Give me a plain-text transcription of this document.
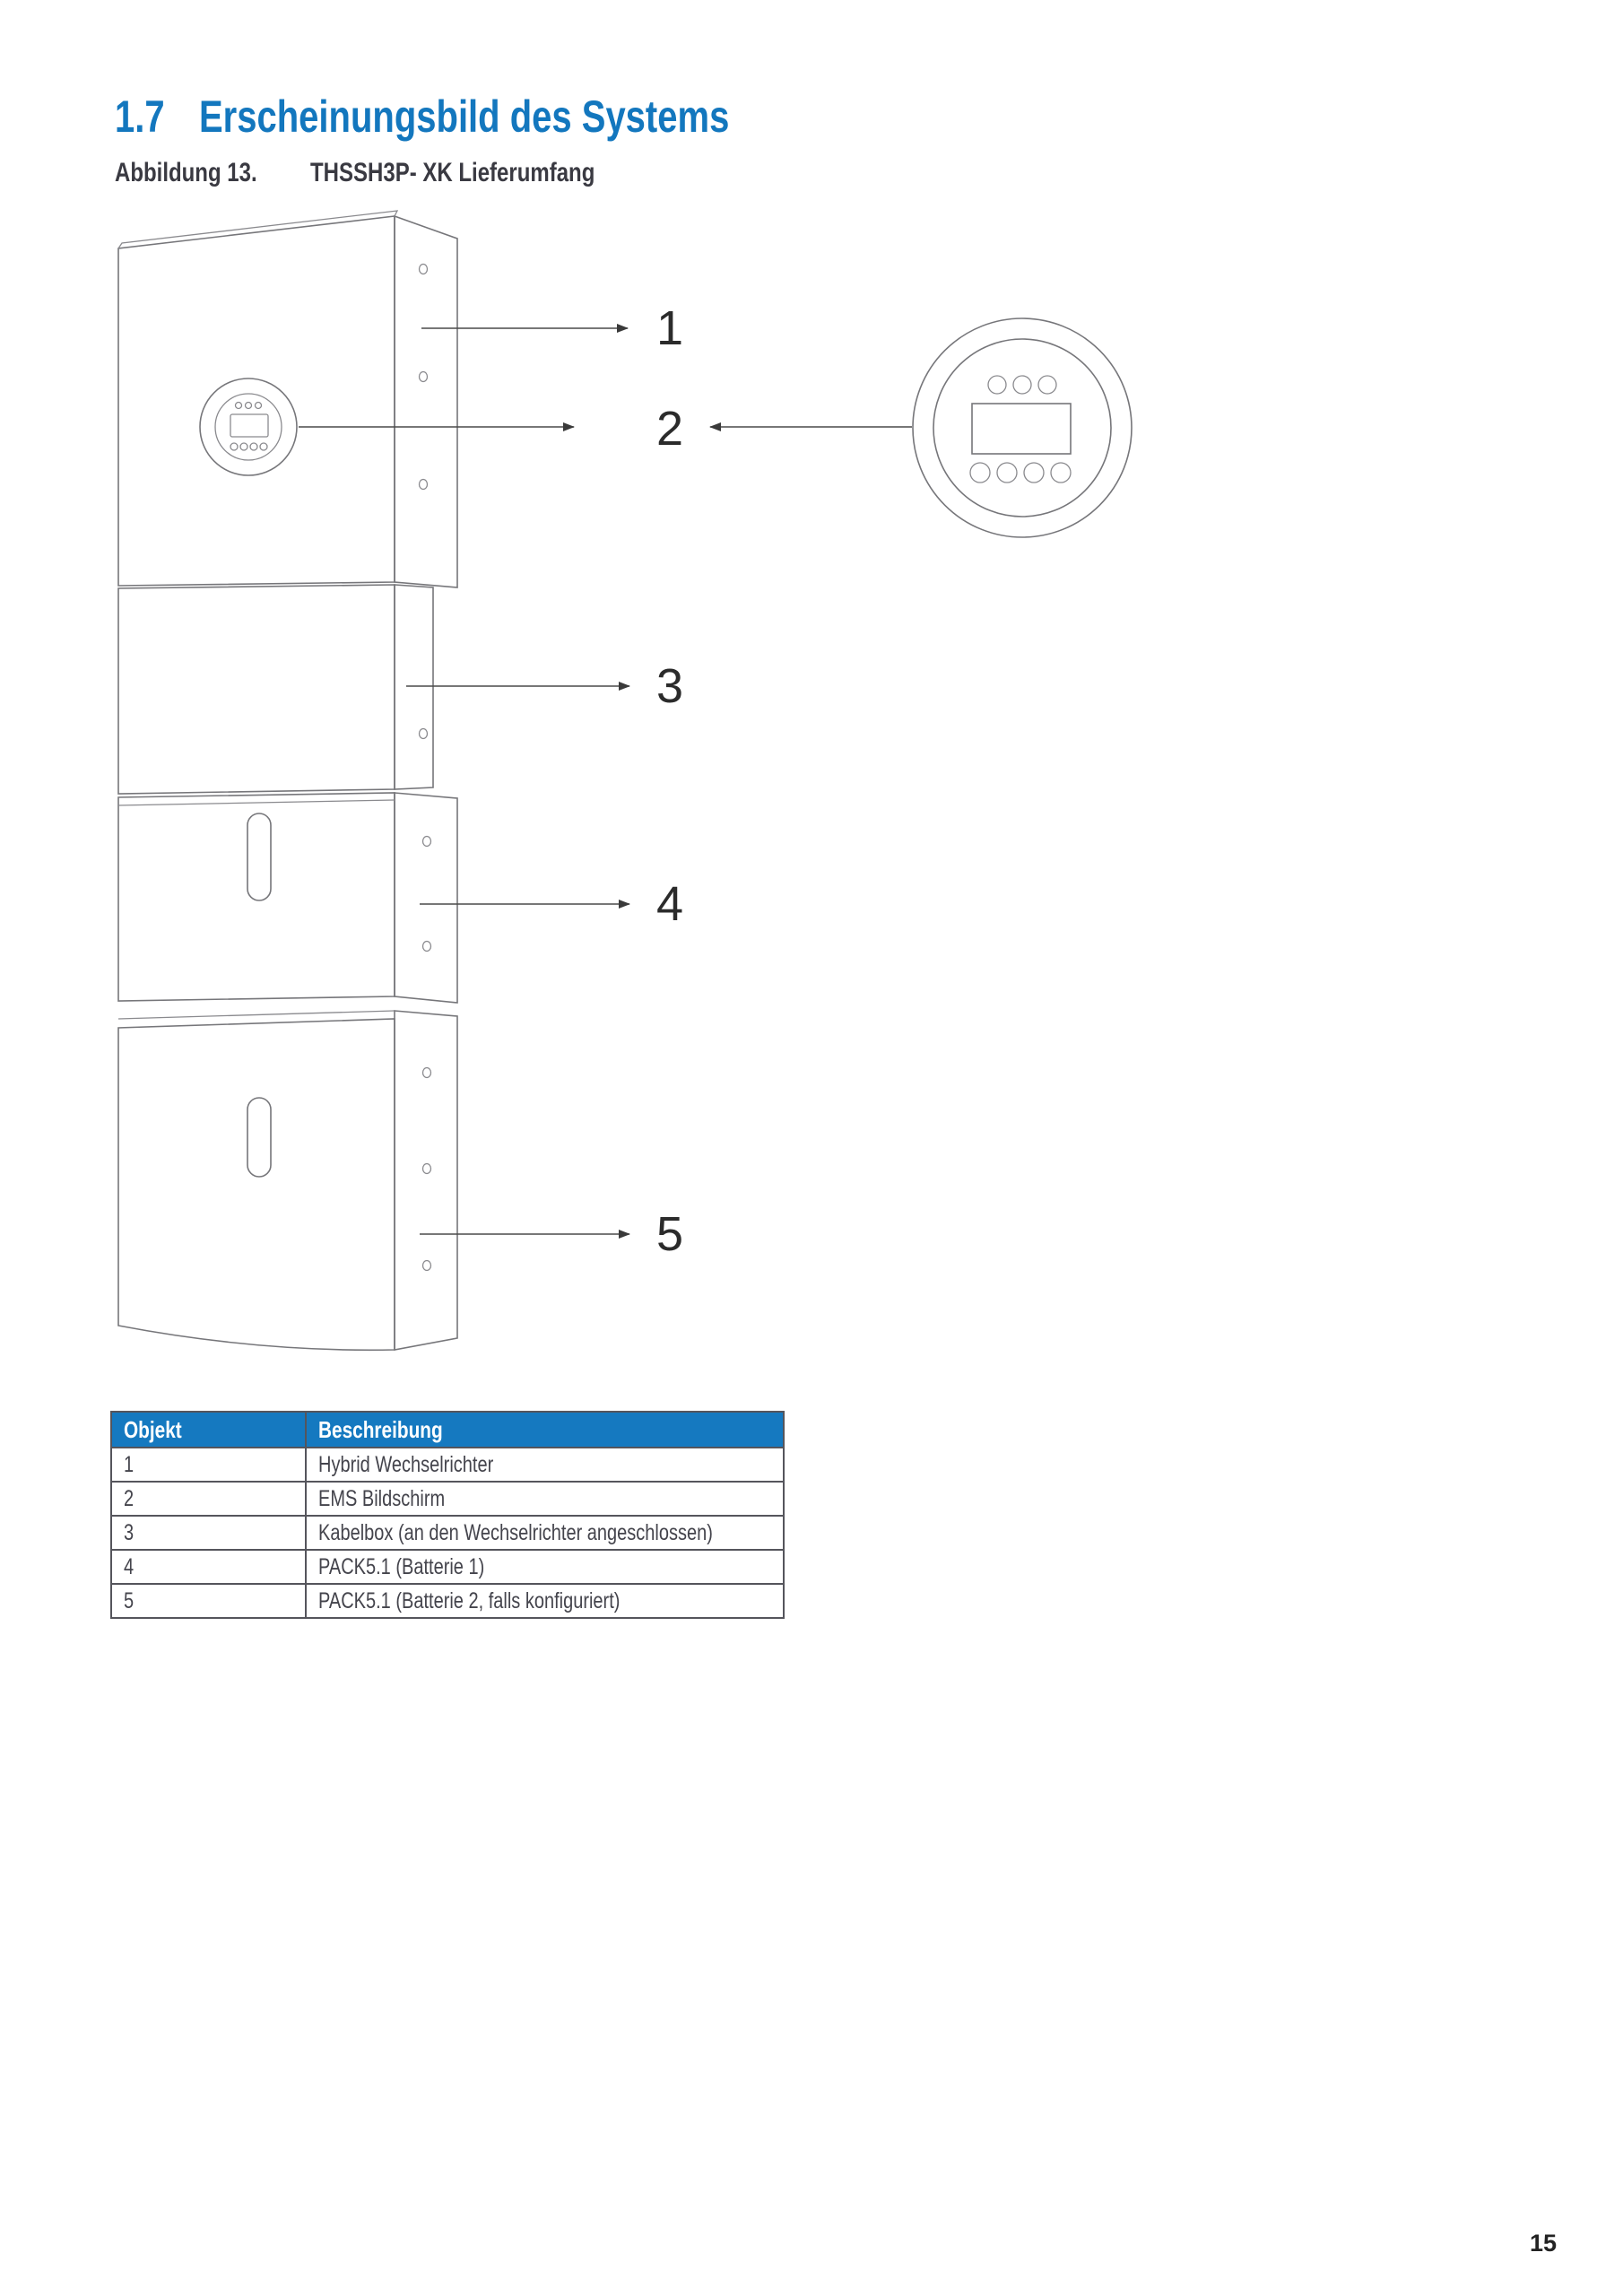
1.7 Erscheinungsbild des Systems
Abbildung 13. THSSH3P- XK Lieferumfang
1
2
3
4
5
Objekt	Beschreibung
1	Hybrid Wechselrichter
2	EMS Bildschirm
3	Kabelbox (an den Wechselrichter angeschlossen)
4	PACK5.1 (Batterie 1)
5	PACK5.1 (Batterie 2, falls konfiguriert)
15
